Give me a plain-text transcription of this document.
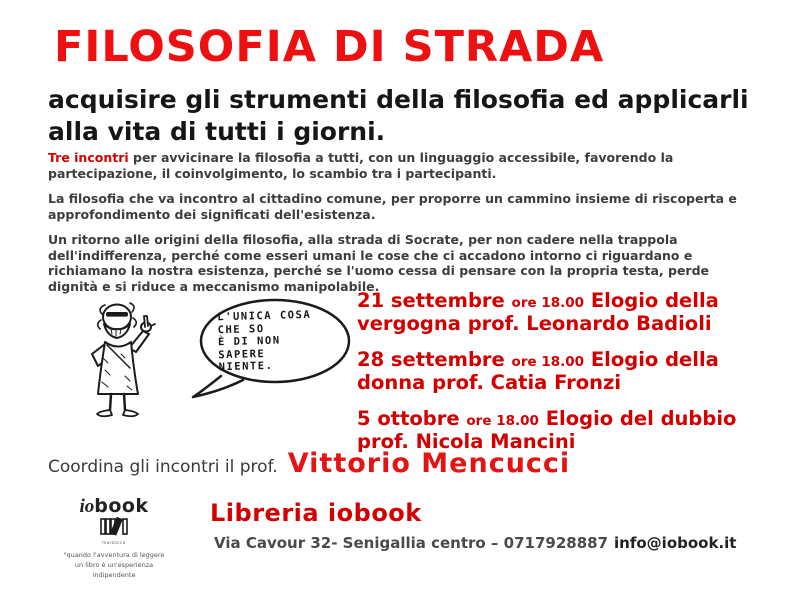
FILOSOFIA DI STRADA
acquisire gli strumenti della filosofia ed applicarli alla vita di tutti i giorni.

Tre incontri per avvicinare la filosofia a tutti, con un linguaggio accessibile, favorendo la partecipazione, il coinvolgimento, lo scambio tra i partecipanti.

La filosofia che va incontro al cittadino comune, per proporre un cammino insieme di riscoperta e approfondimento dei significati dell'esistenza.

Un ritorno alle origini della filosofia, alla strada di Socrate, per non cadere nella trappola dell'indifferenza, perché come esseri umani le cose che ci accadono intorno ci riguardano e richiamano la nostra esistenza, perché se l'uomo cessa di pensare con la propria testa, perde dignità e si riduce a meccanismo manipolabile.

L'UNICA COSA
CHE SO
È DI NON
SAPERE
NIENTE.

21 settembre ore 18.00 Elogio della vergogna prof. Leonardo Badioli

28 settembre ore 18.00 Elogio della donna prof. Catia Fronzi

5 ottobre ore 18.00 Elogio del dubbio prof. Nicola Mancini

Coordina gli incontri il prof. Vittorio Mencucci
iobook
marzocca
"quando l'avventura di leggere un libro è un'esperienza indipendente
Libreria iobook
Via Cavour 32- Senigallia centro – 0717928887 info@iobook.it
